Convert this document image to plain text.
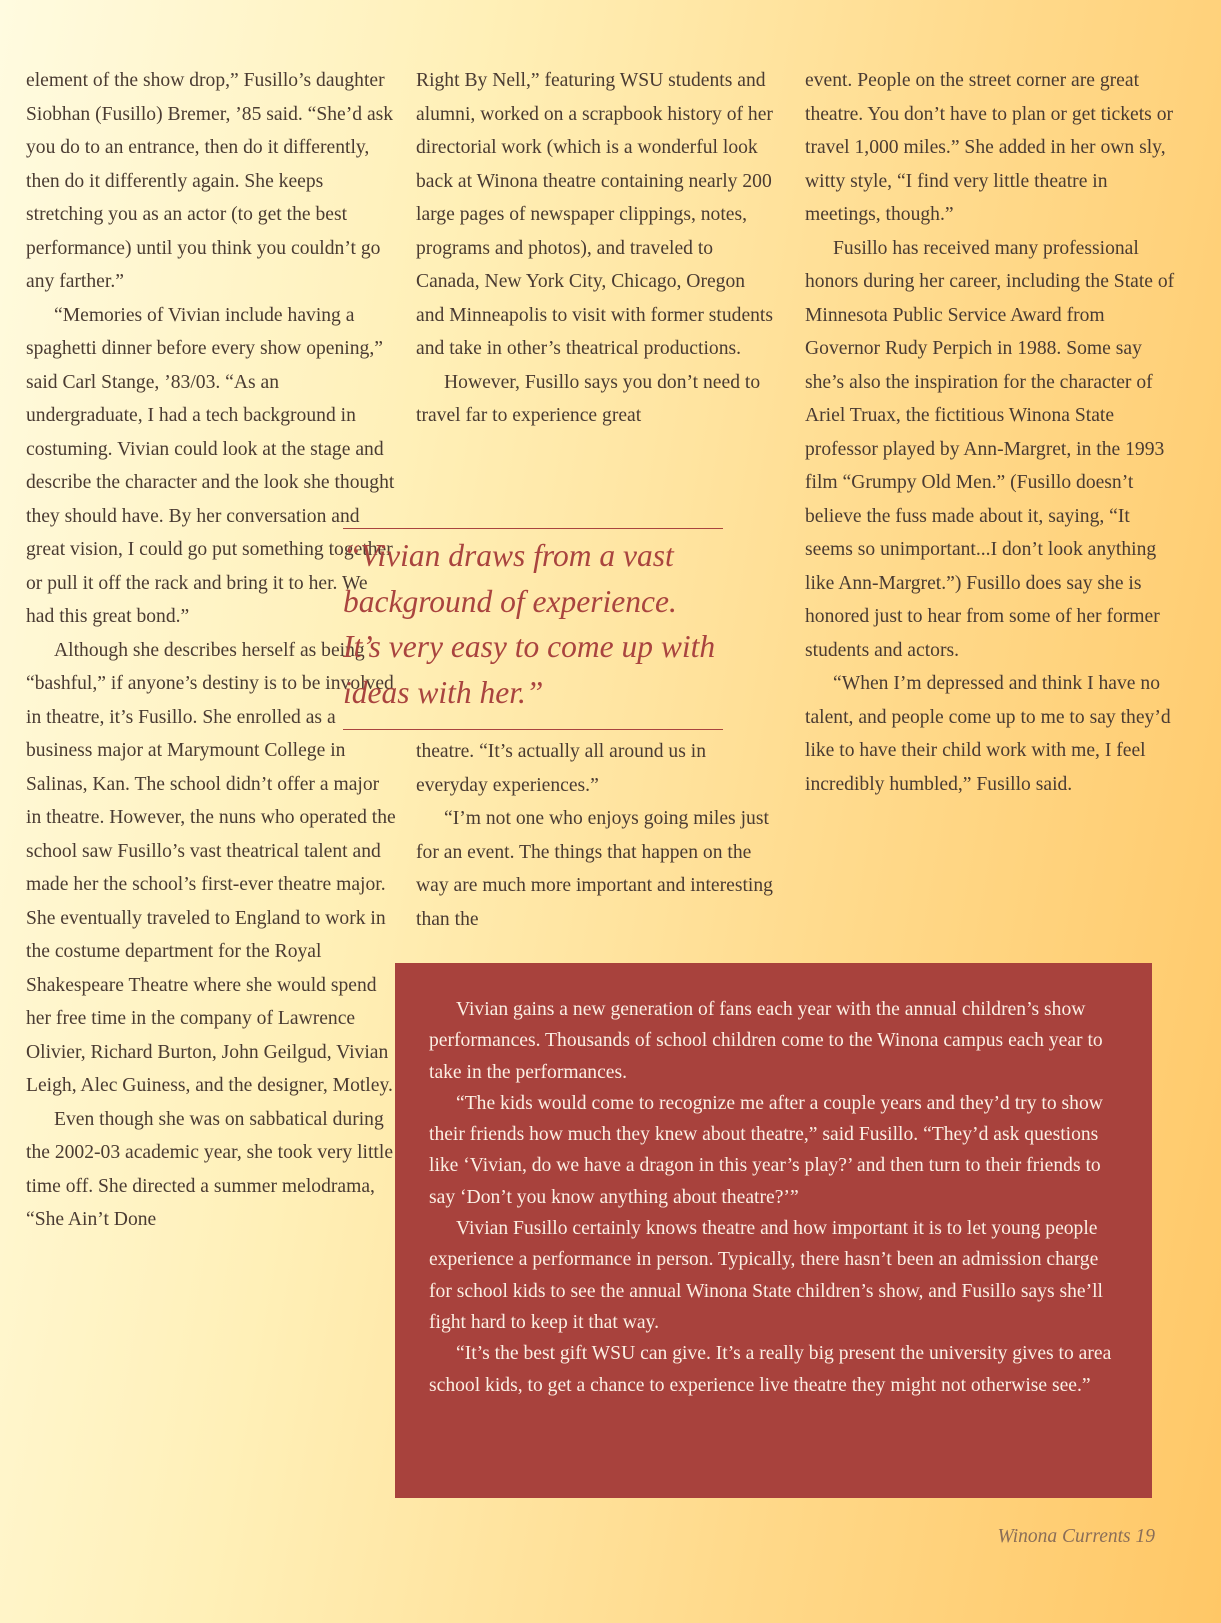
element of the show drop,” Fusillo’s daughter Siobhan (Fusillo) Bremer, ’85 said. “She’d ask you do to an entrance, then do it differently, then do it differently again. She keeps stretching you as an actor (to get the best performance) until you think you couldn’t go any farther.”

“Memories of Vivian include having a spaghetti dinner before every show opening,” said Carl Stange, ’83/03. “As an undergraduate, I had a tech background in costuming. Vivian could look at the stage and describe the character and the look she thought they should have. By her conversation and great vision, I could go put something together or pull it off the rack and bring it to her. We had this great bond.”

Although she describes herself as being “bashful,” if anyone’s destiny is to be involved in theatre, it’s Fusillo. She enrolled as a business major at Marymount College in Salinas, Kan. The school didn’t offer a major in theatre. However, the nuns who operated the school saw Fusillo’s vast theatrical talent and made her the school’s first-ever theatre major. She eventually traveled to England to work in the costume department for the Royal Shakespeare Theatre where she would spend her free time in the company of Lawrence Olivier, Richard Burton, John Geilgud, Vivian Leigh, Alec Guiness, and the designer, Motley.

Even though she was on sabbatical during the 2002-03 academic year, she took very little time off. She directed a summer melodrama, “She Ain’t Done

Right By Nell,” featuring WSU students and alumni, worked on a scrapbook history of her directorial work (which is a wonderful look back at Winona theatre containing nearly 200 large pages of newspaper clippings, notes, programs and photos), and traveled to Canada, New York City, Chicago, Oregon and Minneapolis to visit with former students and take in other’s theatrical productions.

However, Fusillo says you don’t need to travel far to experience great

“Vivian draws from a vast
background of experience.
It’s very easy to come up with
ideas with her.”

theatre. “It’s actually all around us in everyday experiences.”

“I’m not one who enjoys going miles just for an event. The things that happen on the way are much more important and interesting than the

event. People on the street corner are great theatre. You don’t have to plan or get tickets or travel 1,000 miles.” She added in her own sly, witty style, “I find very little theatre in meetings, though.”

Fusillo has received many professional honors during her career, including the State of Minnesota Public Service Award from Governor Rudy Perpich in 1988. Some say she’s also the inspiration for the character of Ariel Truax, the fictitious Winona State professor played by Ann-Margret, in the 1993 film “Grumpy Old Men.” (Fusillo doesn’t believe the fuss made about it, saying, “It seems so unimportant...I don’t look anything like Ann-Margret.”) Fusillo does say she is honored just to hear from some of her former students and actors.

“When I’m depressed and think I have no talent, and people come up to me to say they’d like to have their child work with me, I feel incredibly humbled,” Fusillo said.

Vivian gains a new generation of fans each year with the annual children’s show performances. Thousands of school children come to the Winona campus each year to take in the performances.

“The kids would come to recognize me after a couple years and they’d try to show their friends how much they knew about theatre,” said Fusillo. “They’d ask questions like ‘Vivian, do we have a dragon in this year’s play?’ and then turn to their friends to say ‘Don’t you know anything about theatre?’”

Vivian Fusillo certainly knows theatre and how important it is to let young people experience a performance in person. Typically, there hasn’t been an admission charge for school kids to see the annual Winona State children’s show, and Fusillo says she’ll fight hard to keep it that way.

“It’s the best gift WSU can give. It’s a really big present the university gives to area school kids, to get a chance to experience live theatre they might not otherwise see.”

Winona Currents 19
